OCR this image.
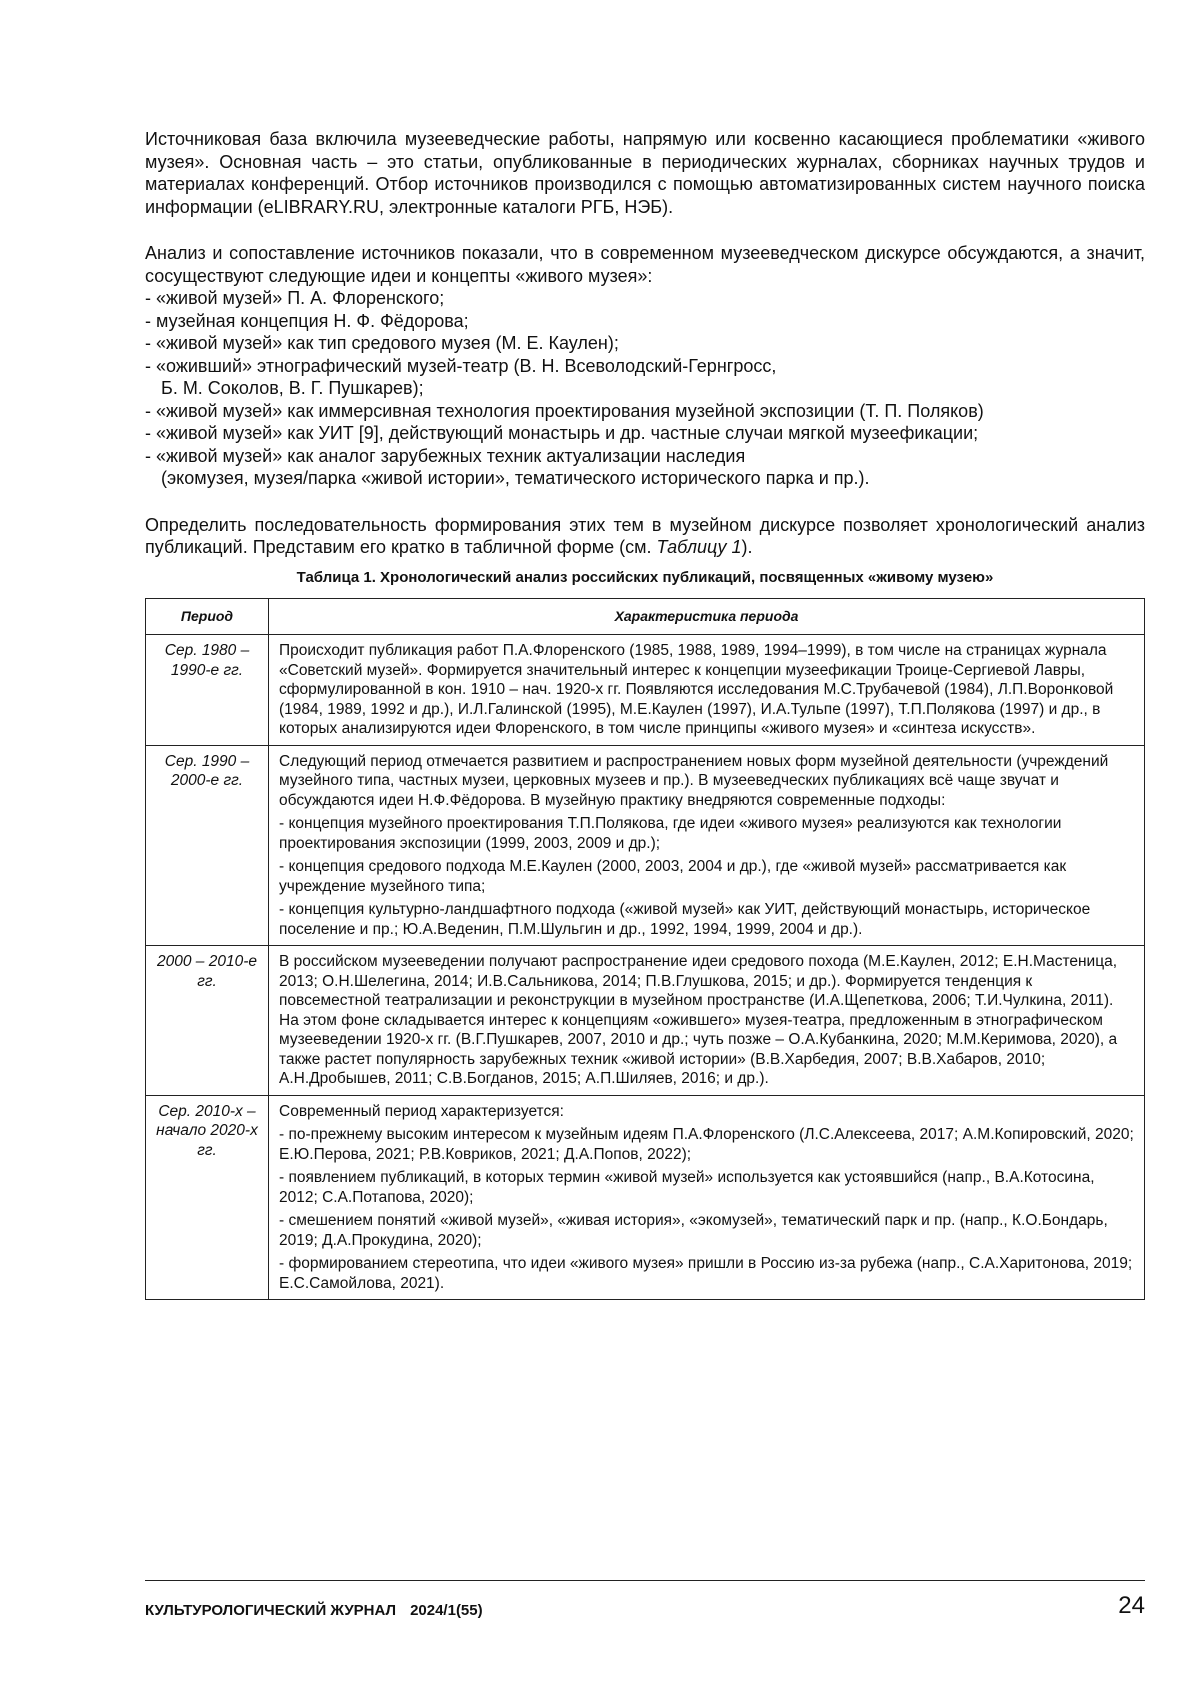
Источниковая база включила музееведческие работы, напрямую или косвенно касающиеся проблематики «живого музея». Основная часть – это статьи, опубликованные в периодических журналах, сборниках научных трудов и материалах конференций. Отбор источников производился с помощью автоматизированных систем научного поиска информации (eLIBRARY.RU, электронные каталоги РГБ, НЭБ).

Анализ и сопоставление источников показали, что в современном музееведческом дискурсе обсуждаются, а значит, сосуществуют следующие идеи и концепты «живого музея»:

- «живой музей» П. А. Флоренского;
- музейная концепция Н. Ф. Фёдорова;
- «живой музей» как тип средового музея (М. Е. Каулен);
- «оживший» этнографический музей-театр (В. Н. Всеволодский-Гернгросс,
Б. М. Соколов, В. Г. Пушкарев);
- «живой музей» как иммерсивная технология проектирования музейной экспозиции (Т. П. Поляков)
- «живой музей» как УИТ [9], действующий монастырь и др. частные случаи мягкой музеефикации;
- «живой музей» как аналог зарубежных техник актуализации наследия
(экомузея, музея/парка «живой истории», тематического исторического парка и пр.).

Определить последовательность формирования этих тем в музейном дискурсе позволяет хронологический анализ публикаций. Представим его кратко в табличной форме (см. Таблицу 1).

Таблица 1. Хронологический анализ российских публикаций, посвященных «живому музею»
Период	Характеристика периода
Сер. 1980 – 1990-е гг.	Происходит публикация работ П.А.Флоренского (1985, 1988, 1989, 1994–1999), в том числе на страницах журнала «Советский музей». Формируется значительный интерес к концепции музеефикации Троице-Сергиевой Лавры, сформулированной в кон. 1910 – нач. 1920-х гг. Появляются исследования М.С.Трубачевой (1984), Л.П.Воронковой (1984, 1989, 1992 и др.), И.Л.Галинской (1995), М.Е.Каулен (1997), И.А.Тульпе (1997), Т.П.Полякова (1997) и др., в которых анализируются идеи Флоренского, в том числе принципы «живого музея» и «синтеза искусств».

Сер. 1990 – 2000-е гг.	Следующий период отмечается развитием и распространением новых форм музейной деятельности (учреждений музейного типа, частных музеи, церковных музеев и пр.). В музееведческих публикациях всё чаще звучат и обсуждаются идеи Н.Ф.Фёдорова. В музейную практику внедряются современные подходы:

- концепция музейного проектирования Т.П.Полякова, где идеи «живого музея» реализуются как технологии проектирования экспозиции (1999, 2003, 2009 и др.);

- концепция средового подхода М.Е.Каулен (2000, 2003, 2004 и др.), где «живой музей» рассматривается как учреждение музейного типа;

- концепция культурно-ландшафтного подхода («живой музей» как УИТ, действующий монастырь, историческое поселение и пр.; Ю.А.Веденин, П.М.Шульгин и др., 1992, 1994, 1999, 2004 и др.).

2000 – 2010-е гг.	В российском музееведении получают распространение идеи средового похода (М.Е.Каулен, 2012; Е.Н.Мастеница, 2013; О.Н.Шелегина, 2014; И.В.Сальникова, 2014; П.В.Глушкова, 2015; и др.). Формируется тенденция к повсеместной театрализации и реконструкции в музейном пространстве (И.А.Щепеткова, 2006; Т.И.Чулкина, 2011). На этом фоне складывается интерес к концепциям «ожившего» музея-театра, предложенным в этнографическом музееведении 1920-х гг. (В.Г.Пушкарев, 2007, 2010 и др.; чуть позже – О.А.Кубанкина, 2020; М.М.Керимова, 2020), а также растет популярность зарубежных техник «живой истории» (В.В.Харбедия, 2007; В.В.Хабаров, 2010; А.Н.Дробышев, 2011; С.В.Богданов, 2015; А.П.Шиляев, 2016; и др.).

Сер. 2010-х – начало 2020-х гг.	Современный период характеризуется:

- по-прежнему высоким интересом к музейным идеям П.А.Флоренского (Л.С.Алексеева, 2017; А.М.Копировский, 2020; Е.Ю.Перова, 2021; Р.В.Ковриков, 2021; Д.А.Попов, 2022);

- появлением публикаций, в которых термин «живой музей» используется как устоявшийся (напр., В.А.Котосина, 2012; С.А.Потапова, 2020);

- смешением понятий «живой музей», «живая история», «экомузей», тематический парк и пр. (напр., К.О.Бондарь, 2019; Д.А.Прокудина, 2020);

- формированием стереотипа, что идеи «живого музея» пришли в Россию из-за рубежа (напр., С.А.Харитонова, 2019; Е.С.Самойлова, 2021).

КУЛЬТУРОЛОГИЧЕСКИЙ ЖУРНАЛ 2024/1(55)	24
